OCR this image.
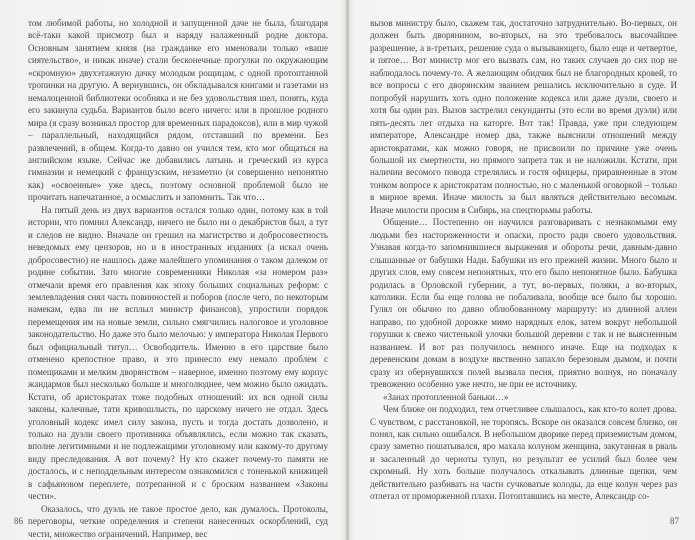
том любимой работы, но холодной и запущенной даче не была, благодаря всё-таки какой присмотр был и наряду налаженный родне доктора. Основным занятием князя (на гражданке его именовали только «ваше сиятельство», и никак иначе) стали бесконечные прогулки по окружающим «скромную» двухэтажную дачку молодым рощицам, с одной протоптанной тропинки на другую. А вернувшись, он обкладывался книгами и газетами из немалоценной библиотеки особняка и не без удовольствия шел, понять, куда его закинула судьба. Вариантов было всего ничего: или в прошлое родного мира (я сразу возникал простор для временных парадоксов), или в мир чужой – параллельный, находящийся рядом, отставший по времени. Без развлечений, в общем. Когда-то давно он учился тем, кто мог общаться на английском языке. Сейчас же добавились латынь и греческий из курса гимназии и немецкий с французским, незаметно (и совершенно непонятно как) «освоенные» уже здесь, поэтому основной проблемой было не прочитать напечатанное, а осмыслить и запомнить. Так что…

На пятый день из двух вариантов остался только один, потому как в той истории, что помнил Александр, ничего не было ни о декабристов был, а тут и следов не видно. Вначале он грешил на магистрство и добросовестность неведомых ему цензоров, но и в иностранных изданиях (а искал очень добросовестно) не нашлось даже малейшего упоминания о таком далеком от родине событии. Зато многие современники Николая «за номером раз» отмечали время его правления как эпоху больших социальных реформ: с землевладения снял часть повинностей и поборов (после чего, по некоторым намекам, едва ли не всплыл министр финансов), упростили порядок перемещения им на новые земли, сильно смягчились налоговое и уголовное законодательство. Но даже это было мелочью: у императора Николая Первого был официальный титул… Освободитель. Именно в его царствие было отменено крепостное право, и это принесло ему немало проблем с помещиками и мелким дворянством – наверное, именно поэтому ему корпус жандармов был несколько больше и многолюднее, чем можно было ожидать. Кстати, об аристократах тоже подобных отношений: их вся одной силы законы, калечные, тати кривошлысть, по царскому ничего не отдал. Здесь уголовный кодекс имел силу закона, пусть и тогда достать дозволено, и только на дуэли своего противника объявлялись, если можно так сказать, вполне легитимными и не подлежащими уголовному или какому-то другому виду преследования. А вот почему? Ну кто скажет почему-то памяти не досталось, и с неподдельным интересом ознакомился с тоненькой книжицей в сафьяновом переплете, потрепанной и с броским названием «Законы чести».

Оказалось, что дуэль не такое простое дело, как думалось. Протоколы, переговоры, четкие определения и степени нанесенных оскорблений, суд чести, множество ограничений. Например, вес

86

вызов министру было, скажем так, достаточно затруднительно. Во-первых, он должен быть дворянином, во-вторых, на это требовалось высочайшее разрешение, а в-третьих, решение суда о вызывающего, было еще и четвертое, и пятое… Вот министр мог его вызвать сам, но таких случаев до сих пор не наблюдалось почему-то. А желающим обидчик был не благородных кровей, то все вопросы с его дворянским званием решались исключительно в суде. И попробуй нарушить хоть одно положение кодекса или даже дуэли, своего и хотя бы один раз. Вызов застрелил секунданты (это если во время дуэли) или пять-десять лет отдыха на каторге. Вот так! Правда, уже при следующем императоре, Александре номер два, также выяснили отношений между аристократами, как можно говоря, не присвоили по причине уже очень большой их смертности, но прямого запрета так и не наложили. Кстати, при наличии весомого повода стрелялись и гостя офицеры, приравненные в этом тонком вопросе к аристократам полностью, но с маленькой оговоркой – только в мирное время. Иначе милость за был являться действительно весомым. Иначе милости просим в Сибирь, на спецтюрьмы работы.

Общение… Постепенно он научился разговаривать с незнакомыми ему людьми без настороженности и опаски, просто ради своего удовольствия. Узнавая когда-то запомнившиеся выражения и обороты речи, давным-давно слышанные от бабушки Нади. Бабушки из его прежней жизни. Много было и других слов, ему совсем непонятных, что его было непонятное было. Бабушка родилась в Орловской губернии, а тут, во-первых, поляки, а во-вторых, католики. Если бы еще голова не побаливала, вообще все было бы хорошо. Гулял он обычно по давно облюбованному маршруту: из длинной аллеи направо, по удобной дорожке мимо нарядных елок, затем вокруг небольшой горушки к свежо чистенькой улочки большой деревни с так и не выясненным названием. И вот раз получилось немного иначе. Еще на подходах к деревенским домам в воздухе явственно запахло березовым дымом, и почти сразу из обернувшихся полей вызвала песня, приятно волнуя, но поначалу тревоженно особенно уже нечто, не при ее источнику.

«Занах протопленной баньки…»

Чем ближе он подходил, тем отчетливее слышалось, как кто-то колет дрова. С чувством, с расстановкой, не торопясь. Вскоре он оказался совсем близко, он понял, как сильно ошибался. В небольшом дворике перед приземистым домом, сразу заметно пошатывался, яро махала колуном женщина, закутанная в рваль и засаленный до черноты тулуп, но результат ее усилий был более чем скромный. Ну хоть больше получалось откалывать длинные щепки, чем действительно разбивать на части сучковатые колоды, да еще колун через раз отлетал от проморженной плахи. Потоптавшись на месте, Александр со-

87
